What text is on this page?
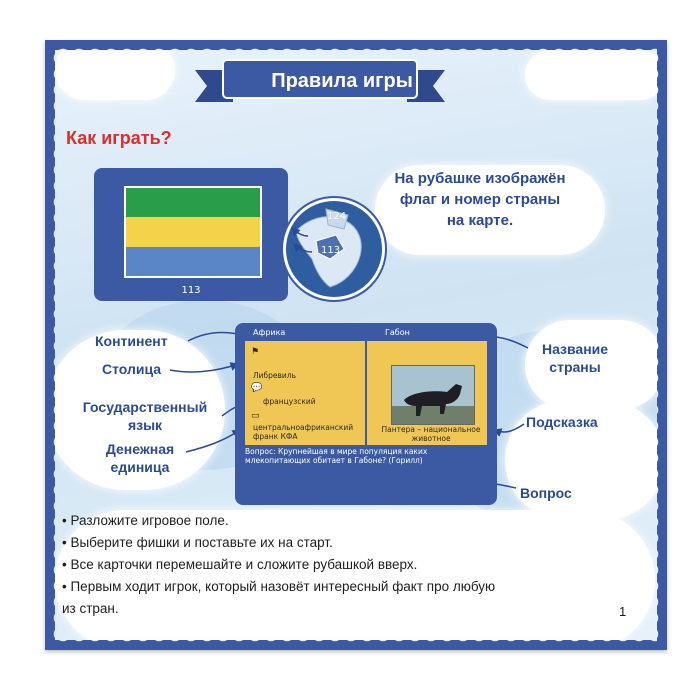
Правила игры
Как играть?
113
124
113
На рубашке изображён флаг и номер страны на карте.
Континент
Столица
Государственный язык
Денежная единица
Название страны
Подсказка
Вопрос
Африка	Габон
⚑
Либревиль
💬
французский
▭
центральноафриканский франк КФА
Пантера – национальное животное
Вопрос: Крупнейшая в мире популяция каких млекопитающих обитает в Габоне? (Горилл)
• Разложите игровое поле.
• Выберите фишки и поставьте их на старт.
• Все карточки перемешайте и сложите рубашкой вверх.
• Первым ходит игрок, который назовёт интересный факт про любую
из стран.	1
